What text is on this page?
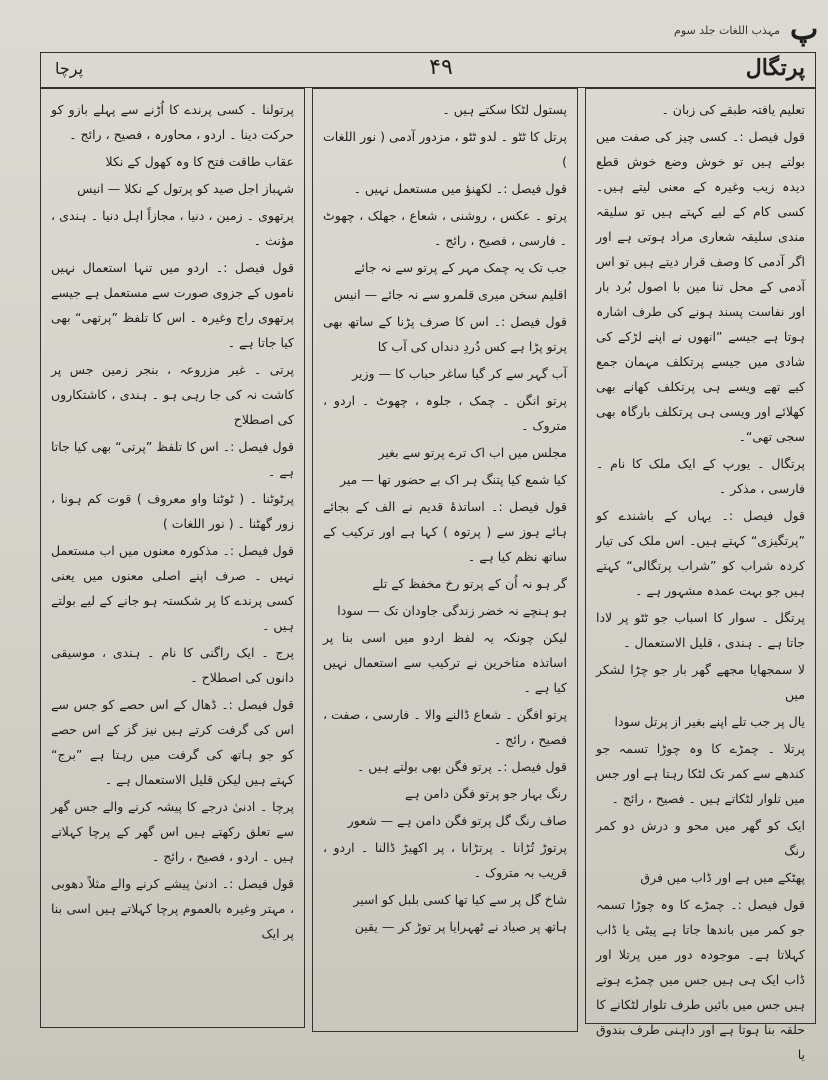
مہذب اللغات جلد سوم پ
پرتگال
۴۹
پرچا

تعلیم یافتہ طبقے کی زبان ۔

قول فیصل :۔ کسی چیز کی صفت میں بولتے ہیں تو خوش وضع خوش قطع دیدہ زیب وغیرہ کے معنی لیتے ہیں۔ کسی کام کے لیے کہتے ہیں تو سلیقہ مندی سلیقہ شعاری مراد ہوتی ہے اور اگر آدمی کا وصف قرار دیتے ہیں تو اس آدمی کے محل تنا مین با اصول بُرد بار اور نفاست پسند ہونے کی طرف اشارہ ہوتا ہے جیسے ”انھوں نے اپنے لڑکے کی شادی میں جیسے پرتکلف مہمان جمع کیے تھے ویسے ہی پرتکلف کھانے بھی کھلائے اور ویسی ہی پرتکلف بارگاہ بھی سجی تھی“۔

پرتگال ۔ یورپ کے ایک ملک کا نام ۔ فارسی ، مذکر ۔

قول فیصل :۔ یہاں کے باشندے کو ”پرتگیزی“ کہتے ہیں۔ اس ملک کی تیار کردہ شراب کو ”شراب پرتگالی“ کہتے ہیں جو بہت عمدہ مشہور ہے ۔

پرتگل ۔ سوار کا اسباب جو ٹٹو پر لادا جاتا ہے ۔ ہندی ، قلیل الاستعمال ۔

لا سمجھایا مجھے گھر بار جو چڑا لشکر میں

یال پر جب تلے اپنے بغیر از پرتل سودا

پرتلا ۔ چمڑے کا وہ چوڑا تسمہ جو کندھے سے کمر تک لٹکا رہتا ہے اور جس میں تلوار لٹکاتے ہیں ۔ فصیح ، رائج ۔

ایک کو گھر میں محو و درش دو کمر رنگ

پھٹکے میں ہے اور ڈاب میں فرق

قول فیصل :۔ چمڑے کا وہ چوڑا تسمہ جو کمر میں باندھا جاتا ہے پیٹی یا ڈاب کہلاتا ہے۔ موجودہ دور میں پرتلا اور ڈاب ایک ہی ہیں جس میں چمڑے ہوتے ہیں جس میں بائیں طرف تلوار لٹکانے کا حلقہ بنا ہوتا ہے اور داہنی طرف بندوق یا

پستول لٹکا سکتے ہیں ۔

پرتل کا ٹٹو ۔ لدو ٹٹو ، مزدور آدمی ( نور اللغات )

قول فیصل :۔ لکھنؤ میں مستعمل نہیں ۔

پرتو ۔ عکس ، روشنی ، شعاع ، جھلک ، چھوٹ ۔ فارسی ، فصیح ، رائج ۔

جب تک یہ چمک مہر کے پرتو سے نہ جائے

اقلیم سخن میری قلمرو سے نہ جائے — انیس

قول فیصل :۔ اس کا صرف پڑنا کے ساتھ بھی پرتو پڑا ہے کس دُردِ دنداں کی آب کا

آب گہر سے کر گیا ساغر حباب کا — وزیر

پرتو انگن ۔ چمک ، جلوہ ، چھوٹ ۔ اردو ، متروک ۔

مجلس میں اب اک ترے پرتو سے بغیر

کیا شمع کیا پتنگ ہر اک بے حضور تھا — میر

قول فیصل :۔ اساتذۂ قدیم نے الف کے بجائے ہائے ہوز سے ( پرتوہ ) کہا ہے اور ترکیب کے ساتھ نظم کیا ہے ۔

گر ہو نہ اُن کے پرتو رخ مخفظ کے تلے

ہو ہنچے نہ خضر زندگی جاودان تک — سودا

لیکن چونکہ یہ لفظ اردو میں اسی بنا پر اساتذہ متاخرین نے ترکیب سے استعمال نہیں کیا ہے ۔

پرتو افگن ۔ شعاع ڈالنے والا ۔ فارسی ، صفت ، فصیح ، رائج ۔

قول فیصل :۔ پرتو فگن بھی بولتے ہیں ۔

رنگ بہار جو پرتو فگن دامن ہے

صاف رنگ گل پرتو فگن دامن ہے — شعور

پرتوڑ تُڑانا ۔ پرتڑانا ، پر اکھیڑ ڈالنا ۔ اردو ، قریب بہ متروک ۔

شاخ گل پر سے کیا تھا کسی بلبل کو اسیر

ہاتھ پر صیاد نے ٹھہرایا پر توڑ کر — یقین

پرتولنا ۔ کسی پرندے کا اُڑنے سے پہلے بازو کو حرکت دینا ۔ اردو ، محاورہ ، فصیح ، رائج ۔

عقاب طاقت فتح کا وہ کھول کے نکلا

شہباز اجل صید کو پرتول کے نکلا — انیس

پرتھوی ۔ زمین ، دنیا ، مجازاً اہل دنیا ۔ ہندی ، مؤنث ۔

قول فیصل :۔ اردو میں تنہا استعمال نہیں ناموں کے جزوی صورت سے مستعمل ہے جیسے پرتھوی راج وغیرہ ۔ اس کا تلفظ ”پرتھی“ بھی کیا جاتا ہے ۔

پرتی ۔ غیر مزروعہ ، بنجر زمین جس پر کاشت نہ کی جا رہی ہو ۔ ہندی ، کاشتکاروں کی اصطلاح

قول فیصل :۔ اس کا تلفظ ”پرتی“ بھی کیا جاتا ہے ۔

پرٹوٹنا ۔ ( ٹوٹنا واو معروف ) قوت کم ہونا ، زور گھٹنا ۔ ( نور اللغات )

قول فیصل :۔ مذکورہ معنوں میں اب مستعمل نہیں ۔ صرف اپنے اصلی معنوں میں یعنی کسی پرندے کا پر شکستہ ہو جانے کے لیے بولتے ہیں ۔

پرج ۔ ایک راگنی کا نام ۔ ہندی ، موسیقی دانوں کی اصطلاح ۔

قول فیصل :۔ ڈھال کے اس حصے کو جس سے اس کی گرفت کرتے ہیں نیز گز کے اس حصے کو جو ہاتھ کی گرفت میں رہتا ہے ”برج“ کہتے ہیں لیکن قلیل الاستعمال ہے ۔

پرچا ۔ ادنیٰ درجے کا پیشہ کرنے والے جس گھر سے تعلق رکھتے ہیں اس گھر کے پرچا کہلاتے ہیں ۔ اردو ، فصیح ، رائج ۔

قول فیصل :۔ ادنیٰ پیشے کرنے والے مثلاً دھوبی ، مہتر وغیرہ بالعموم پرچا کہلاتے ہیں اسی بنا پر ایک
